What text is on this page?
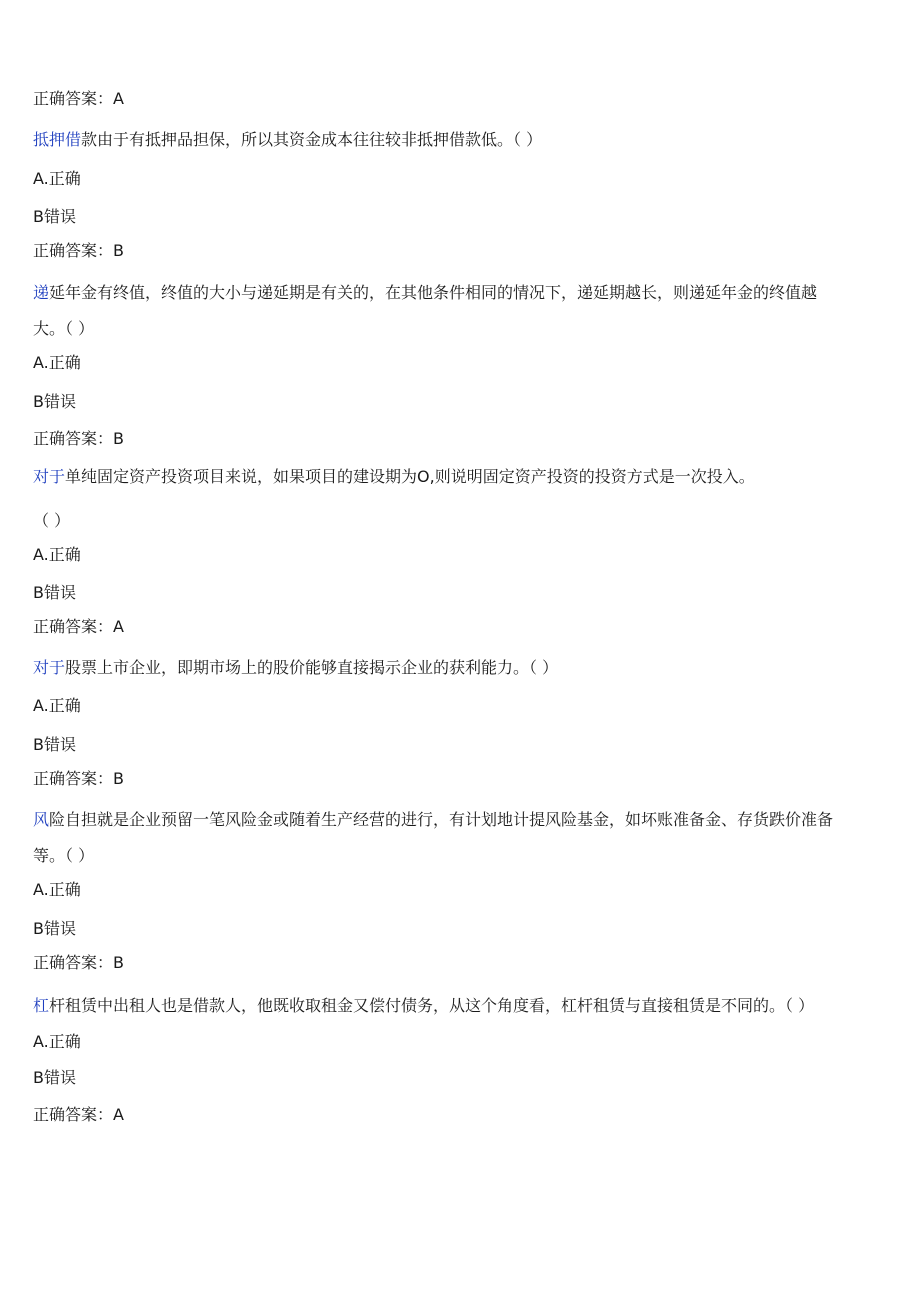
正确答案：A
抵押借款由于有抵押品担保，所以其资金成本往往较非抵押借款低。（ ）
A.正确
B错误
正确答案：B
递延年金有终值，终值的大小与递延期是有关的，在其他条件相同的情况下，递延期越长，则递延年金的终值越
大。（ ）
A.正确
B错误
正确答案：B
对于单纯固定资产投资项目来说，如果项目的建设期为O,则说明固定资产投资的投资方式是一次投入。
（ ）
A.正确
B错误
正确答案：A
对于股票上市企业，即期市场上的股价能够直接揭示企业的获利能力。（ ）
A.正确
B错误
正确答案：B
风险自担就是企业预留一笔风险金或随着生产经营的进行，有计划地计提风险基金，如坏账准备金、存货跌价准备
等。（ ）
A.正确
B错误
正确答案：B
杠杆租赁中出租人也是借款人，他既收取租金又偿付债务，从这个角度看，杠杆租赁与直接租赁是不同的。（ ）
A.正确
B错误
正确答案：A
